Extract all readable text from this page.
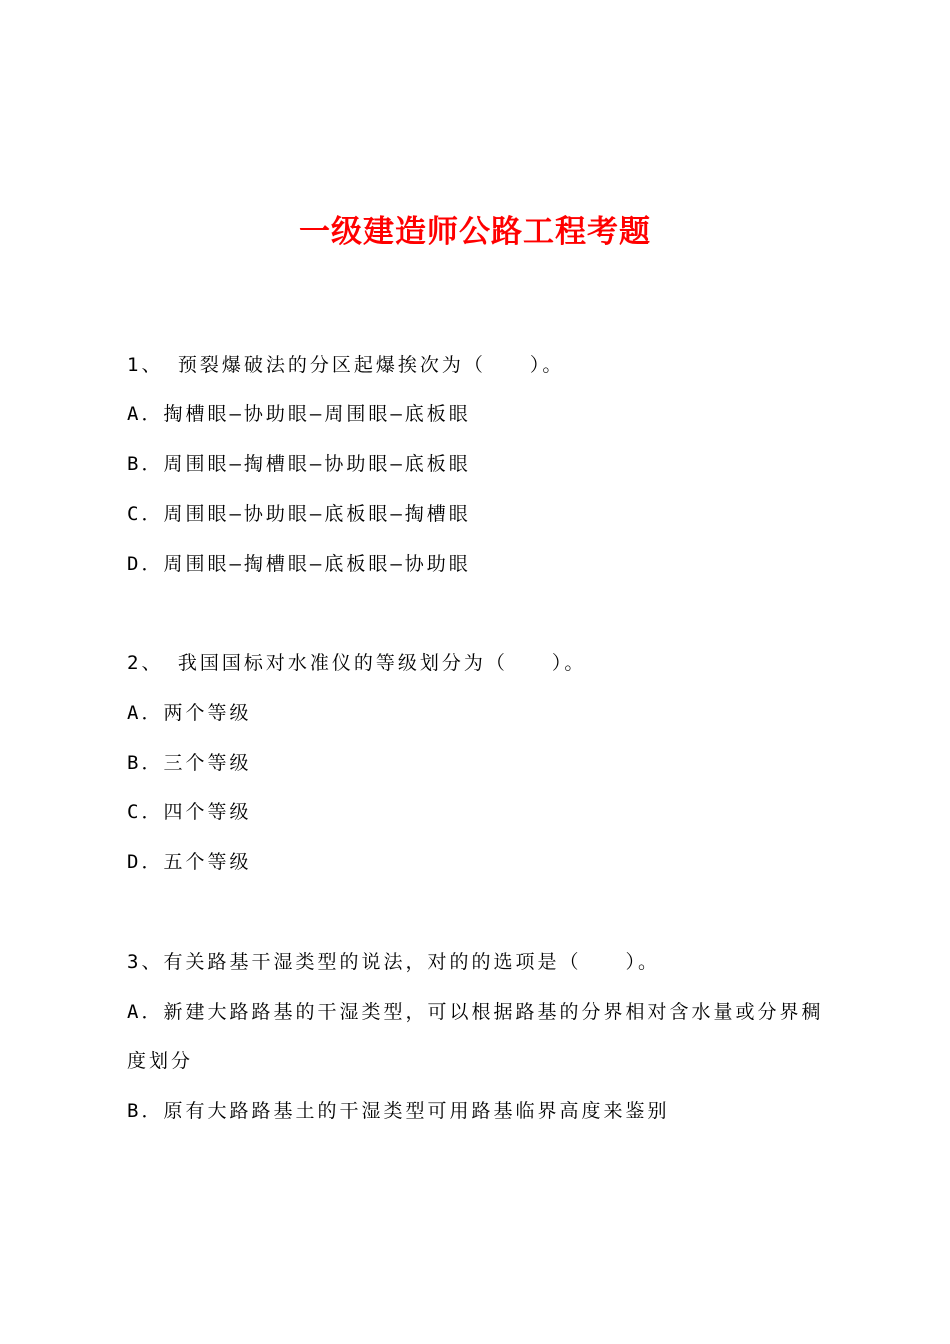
一级建造师公路工程考题
1、 预裂爆破法的分区起爆挨次为（　　）。
A．掏槽眼—协助眼—周围眼—底板眼
B．周围眼—掏槽眼—协助眼—底板眼
C．周围眼—协助眼—底板眼—掏槽眼
D．周围眼—掏槽眼—底板眼—协助眼
2、 我国国标对水准仪的等级划分为（　　）。
A．两个等级
B．三个等级
C．四个等级
D．五个等级
3、有关路基干湿类型的说法，对的的选项是（　　）。
A．新建大路路基的干湿类型，可以根据路基的分界相对含水量或分界稠
度划分
B．原有大路路基土的干湿类型可用路基临界高度来鉴别
